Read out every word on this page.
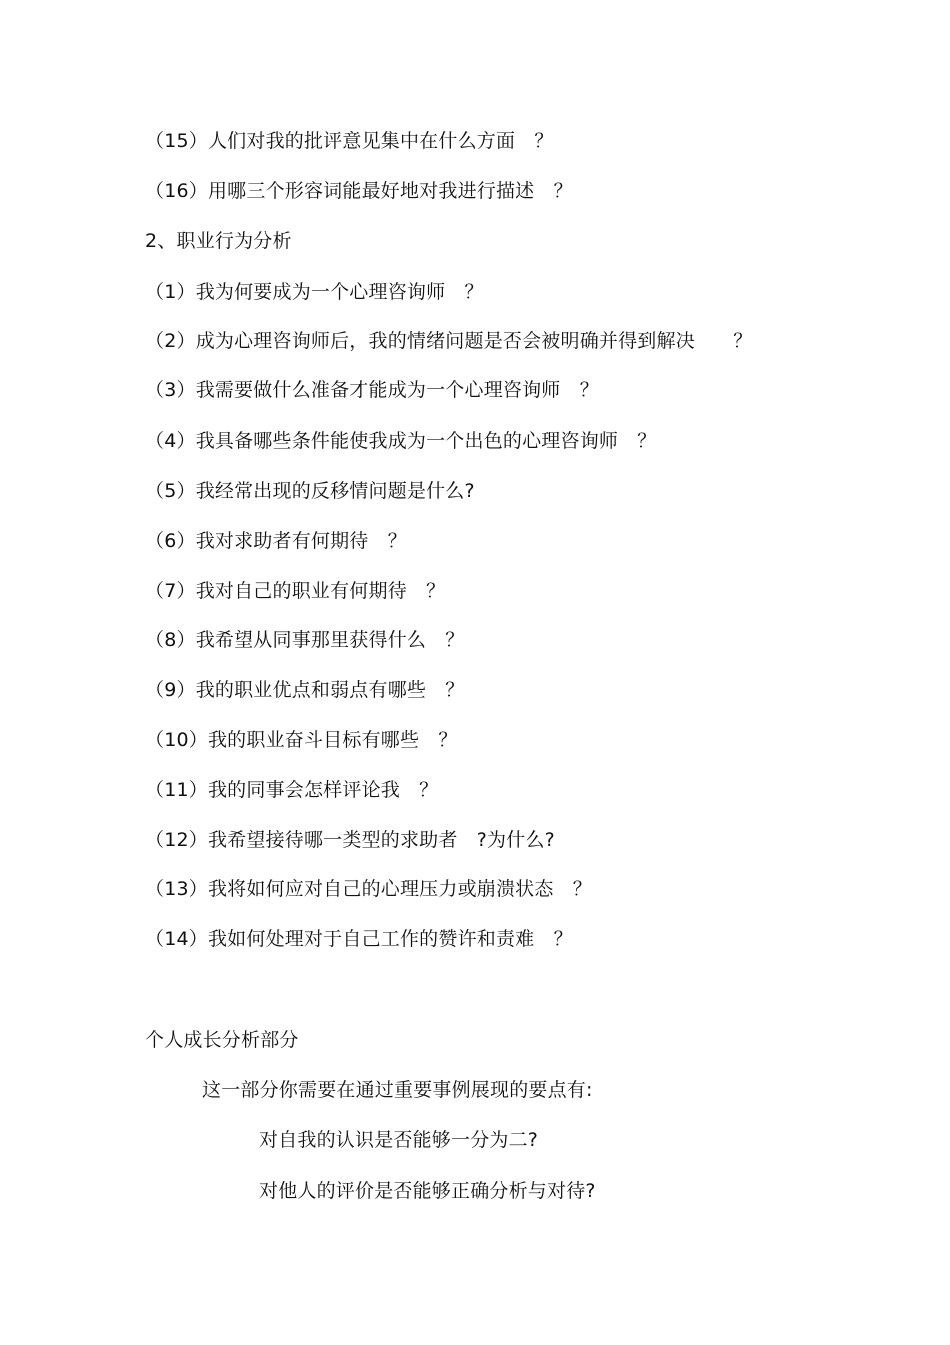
（15）人们对我的批评意见集中在什么方面　？
（16）用哪三个形容词能最好地对我进行描述　？
2、职业行为分析
（1）我为何要成为一个心理咨询师　？
（2）成为心理咨询师后，我的情绪问题是否会被明确并得到解决　　？
（3）我需要做什么准备才能成为一个心理咨询师　？
（4）我具备哪些条件能使我成为一个出色的心理咨询师　？
（5）我经常出现的反移情问题是什么?
（6）我对求助者有何期待　？
（7）我对自己的职业有何期待　？
（8）我希望从同事那里获得什么　？
（9）我的职业优点和弱点有哪些　？
（10）我的职业奋斗目标有哪些　？
（11）我的同事会怎样评论我　？
（12）我希望接待哪一类型的求助者　?为什么?
（13）我将如何应对自己的心理压力或崩溃状态　？
（14）我如何处理对于自己工作的赞许和责难　？
个人成长分析部分
这一部分你需要在通过重要事例展现的要点有:
对自我的认识是否能够一分为二?
对他人的评价是否能够正确分析与对待?
